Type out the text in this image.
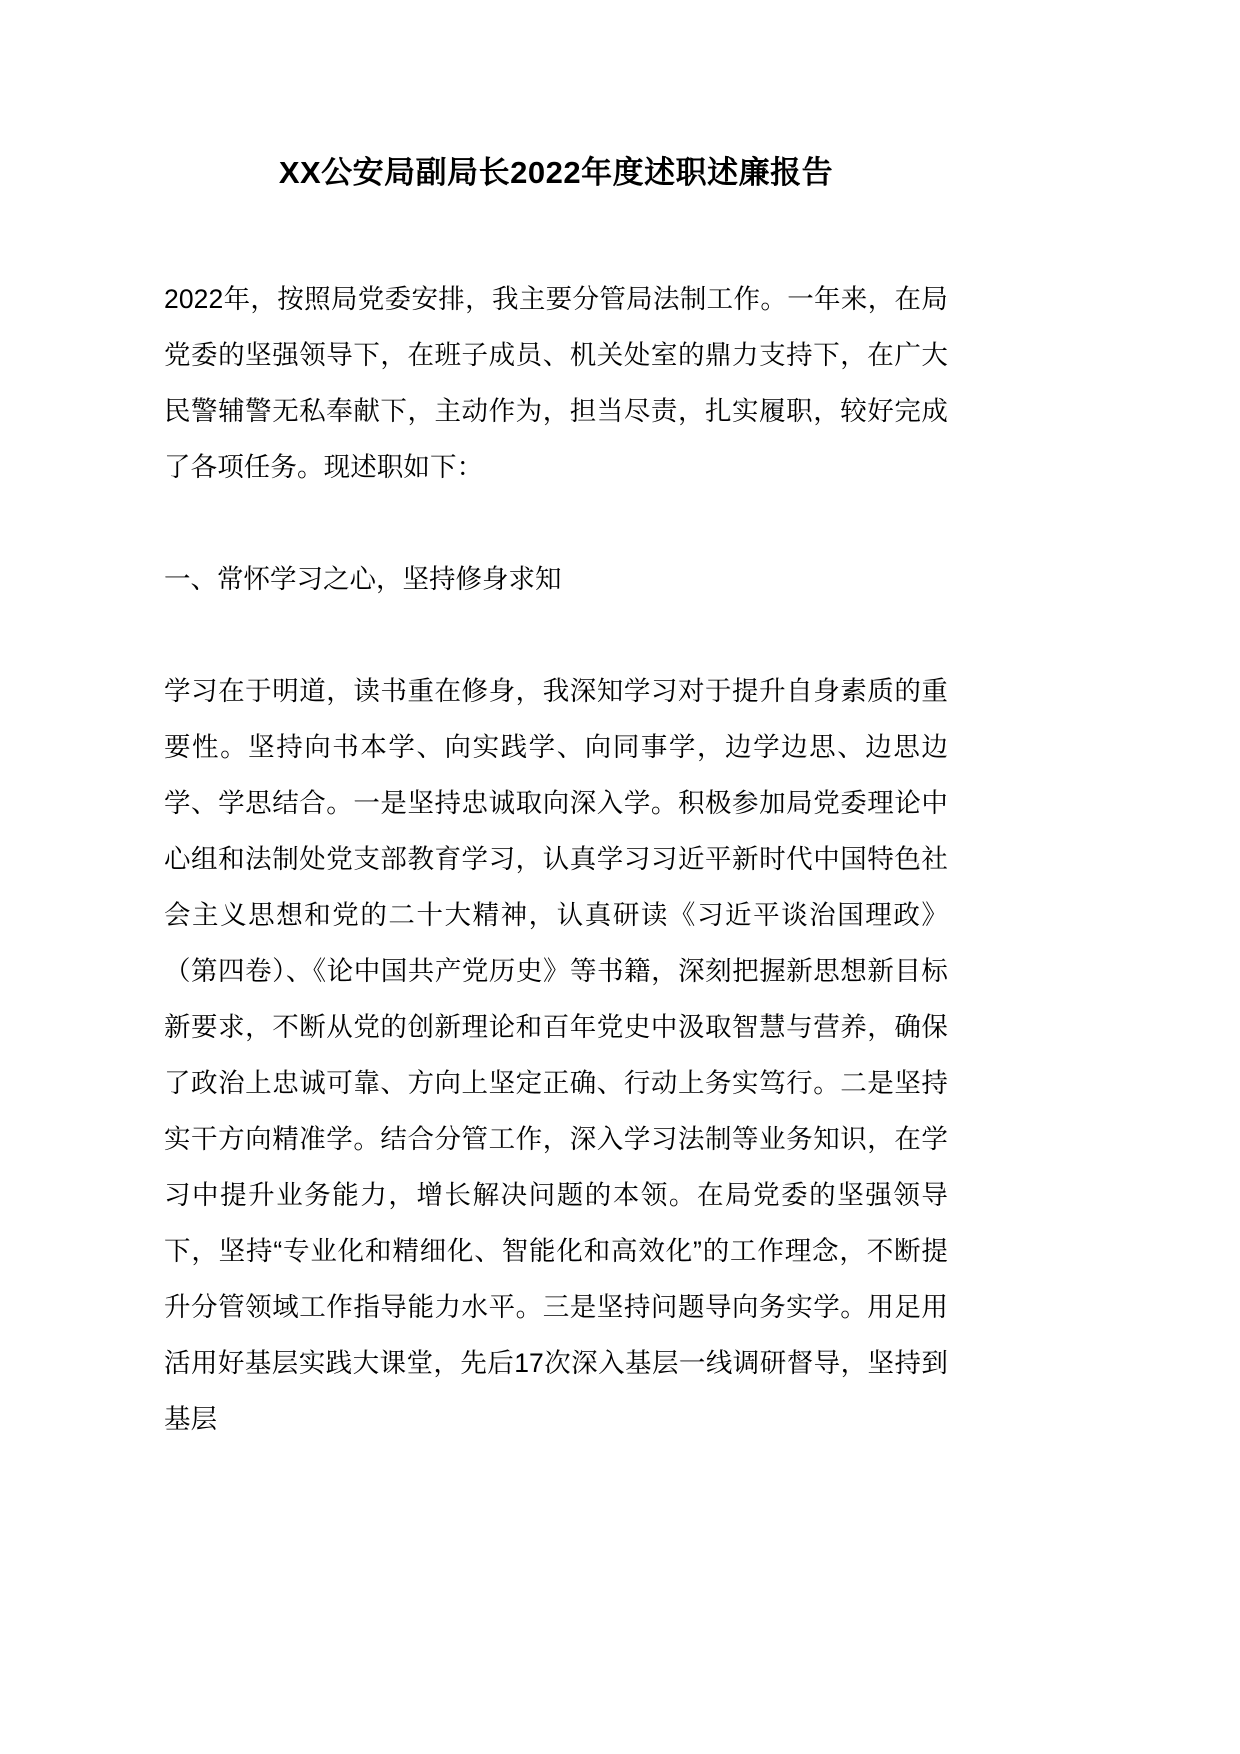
XX公安局副局长2022年度述职述廉报告

2022年，按照局党委安排，我主要分管局法制工作。一年来，在局党委的坚强领导下，在班子成员、机关处室的鼎力支持下，在广大民警辅警无私奉献下，主动作为，担当尽责，扎实履职，较好完成了各项任务。现述职如下：

一、常怀学习之心，坚持修身求知

学习在于明道，读书重在修身，我深知学习对于提升自身素质的重要性。坚持向书本学、向实践学、向同事学，边学边思、边思边学、学思结合。一是坚持忠诚取向深入学。积极参加局党委理论中心组和法制处党支部教育学习，认真学习习近平新时代中国特色社会主义思想和党的二十大精神，认真研读《习近平谈治国理政》（第四卷）、《论中国共产党历史》等书籍，深刻把握新思想新目标新要求，不断从党的创新理论和百年党史中汲取智慧与营养，确保了政治上忠诚可靠、方向上坚定正确、行动上务实笃行。二是坚持实干方向精准学。结合分管工作，深入学习法制等业务知识，在学习中提升业务能力，增长解决问题的本领。在局党委的坚强领导下，坚持“专业化和精细化、智能化和高效化”的工作理念，不断提升分管领域工作指导能力水平。三是坚持问题导向务实学。用足用活用好基层实践大课堂，先后17次深入基层一线调研督导，坚持到基层
